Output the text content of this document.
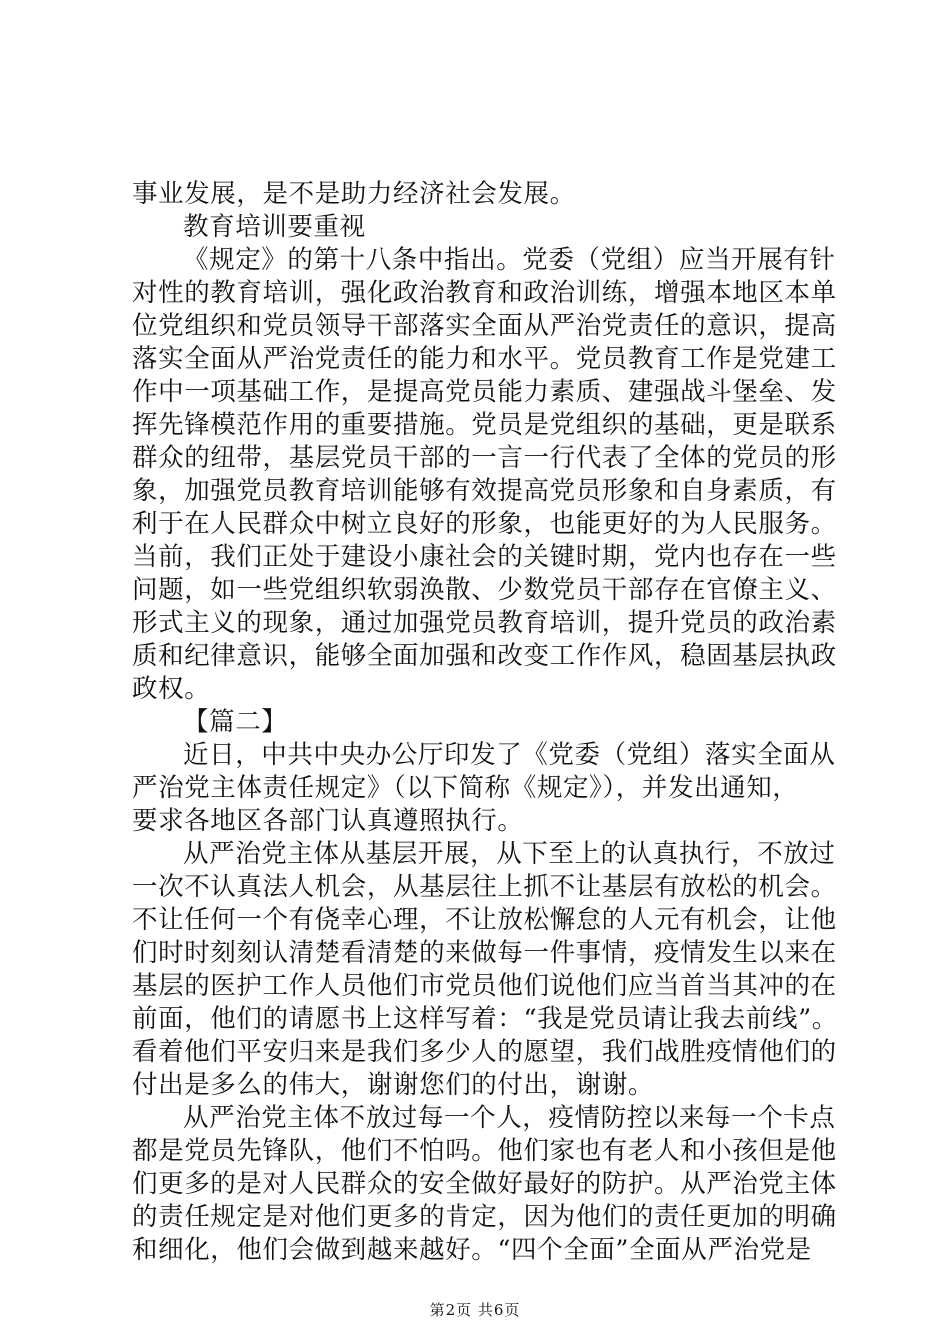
事业发展，是不是助力经济社会发展。
教育培训要重视
《规定》的第十八条中指出。党委（党组）应当开展有针
对性的教育培训，强化政治教育和政治训练，增强本地区本单
位党组织和党员领导干部落实全面从严治党责任的意识，提高
落实全面从严治党责任的能力和水平。党员教育工作是党建工
作中一项基础工作，是提高党员能力素质、建强战斗堡垒、发
挥先锋模范作用的重要措施。党员是党组织的基础，更是联系
群众的纽带，基层党员干部的一言一行代表了全体的党员的形
象，加强党员教育培训能够有效提高党员形象和自身素质，有
利于在人民群众中树立良好的形象，也能更好的为人民服务。
当前，我们正处于建设小康社会的关键时期，党内也存在一些
问题，如一些党组织软弱涣散、少数党员干部存在官僚主义、
形式主义的现象，通过加强党员教育培训，提升党员的政治素
质和纪律意识，能够全面加强和改变工作作风，稳固基层执政
政权。
【篇二】
近日，中共中央办公厅印发了《党委（党组）落实全面从
严治党主体责任规定》（以下简称《规定》），并发出通知，
要求各地区各部门认真遵照执行。
从严治党主体从基层开展，从下至上的认真执行，不放过
一次不认真法人机会，从基层往上抓不让基层有放松的机会。
不让任何一个有侥幸心理，不让放松懈怠的人元有机会，让他
们时时刻刻认清楚看清楚的来做每一件事情，疫情发生以来在
基层的医护工作人员他们市党员他们说他们应当首当其冲的在
前面，他们的请愿书上这样写着：“我是党员请让我去前线”。
看着他们平安归来是我们多少人的愿望，我们战胜疫情他们的
付出是多么的伟大，谢谢您们的付出，谢谢。
从严治党主体不放过每一个人，疫情防控以来每一个卡点
都是党员先锋队，他们不怕吗。他们家也有老人和小孩但是他
们更多的是对人民群众的安全做好最好的防护。从严治党主体
的责任规定是对他们更多的肯定，因为他们的责任更加的明确
和细化，他们会做到越来越好。“四个全面”全面从严治党是
第2页 共6页
